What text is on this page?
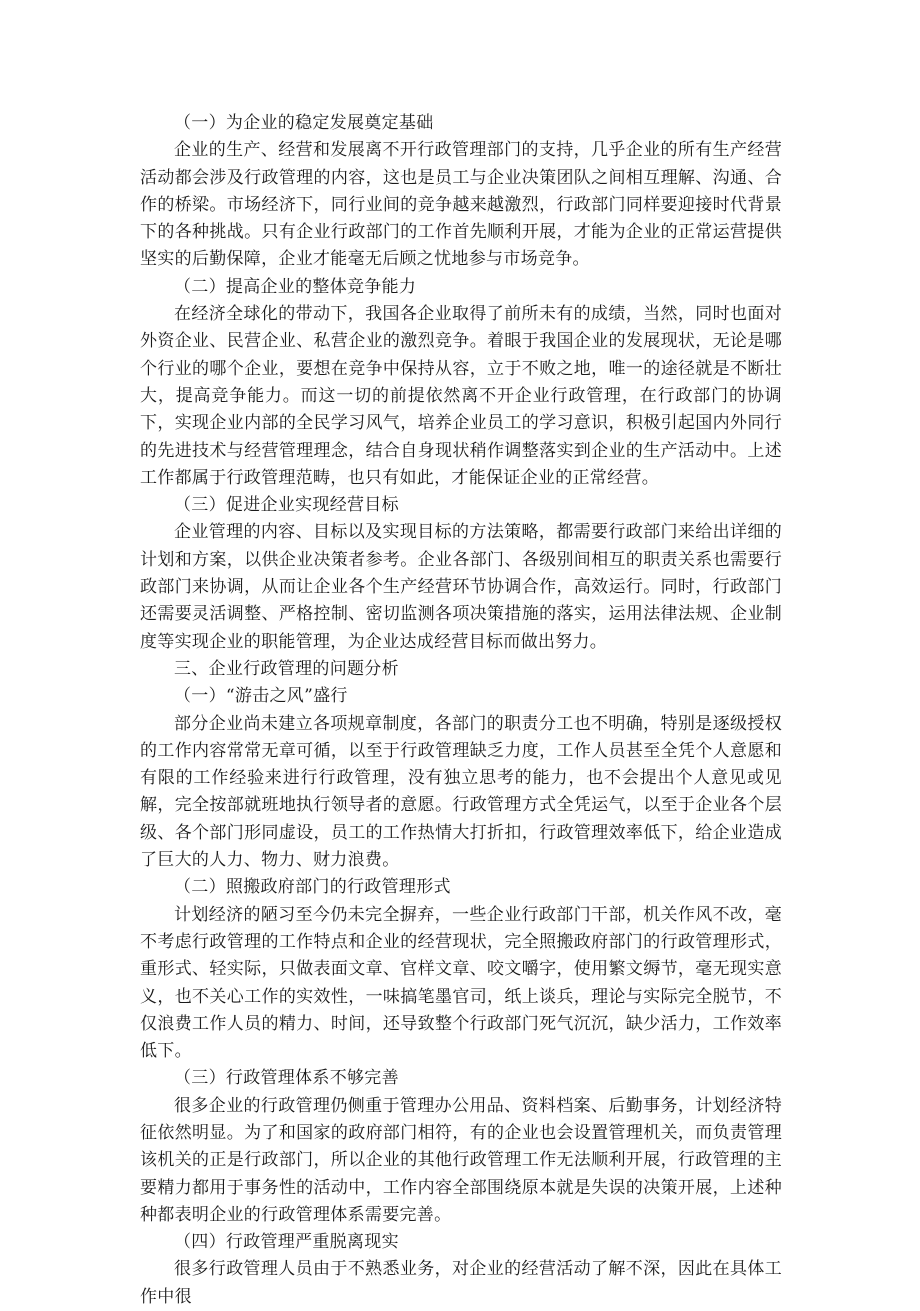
（一）为企业的稳定发展奠定基础

企业的生产、经营和发展离不开行政管理部门的支持，几乎企业的所有生产经营活动都会涉及行政管理的内容，这也是员工与企业决策团队之间相互理解、沟通、合作的桥梁。市场经济下，同行业间的竞争越来越激烈，行政部门同样要迎接时代背景下的各种挑战。只有企业行政部门的工作首先顺利开展，才能为企业的正常运营提供坚实的后勤保障，企业才能毫无后顾之忧地参与市场竞争。

（二）提高企业的整体竞争能力

在经济全球化的带动下，我国各企业取得了前所未有的成绩，当然，同时也面对外资企业、民营企业、私营企业的激烈竞争。着眼于我国企业的发展现状，无论是哪个行业的哪个企业，要想在竞争中保持从容，立于不败之地，唯一的途径就是不断壮大，提高竞争能力。而这一切的前提依然离不开企业行政管理，在行政部门的协调下，实现企业内部的全民学习风气，培养企业员工的学习意识，积极引起国内外同行的先进技术与经营管理理念，结合自身现状稍作调整落实到企业的生产活动中。上述工作都属于行政管理范畴，也只有如此，才能保证企业的正常经营。

（三）促进企业实现经营目标

企业管理的内容、目标以及实现目标的方法策略，都需要行政部门来给出详细的计划和方案，以供企业决策者参考。企业各部门、各级别间相互的职责关系也需要行政部门来协调，从而让企业各个生产经营环节协调合作，高效运行。同时，行政部门还需要灵活调整、严格控制、密切监测各项决策措施的落实，运用法律法规、企业制度等实现企业的职能管理，为企业达成经营目标而做出努力。

三、企业行政管理的问题分析

（一）“游击之风”盛行

部分企业尚未建立各项规章制度，各部门的职责分工也不明确，特别是逐级授权的工作内容常常无章可循，以至于行政管理缺乏力度，工作人员甚至全凭个人意愿和有限的工作经验来进行行政管理，没有独立思考的能力，也不会提出个人意见或见解，完全按部就班地执行领导者的意愿。行政管理方式全凭运气，以至于企业各个层级、各个部门形同虚设，员工的工作热情大打折扣，行政管理效率低下，给企业造成了巨大的人力、物力、财力浪费。

（二）照搬政府部门的行政管理形式

计划经济的陋习至今仍未完全摒弃，一些企业行政部门干部，机关作风不改，毫不考虑行政管理的工作特点和企业的经营现状，完全照搬政府部门的行政管理形式，重形式、轻实际，只做表面文章、官样文章、咬文嚼字，使用繁文缛节，毫无现实意义，也不关心工作的实效性，一味搞笔墨官司，纸上谈兵，理论与实际完全脱节，不仅浪费工作人员的精力、时间，还导致整个行政部门死气沉沉，缺少活力，工作效率低下。

（三）行政管理体系不够完善

很多企业的行政管理仍侧重于管理办公用品、资料档案、后勤事务，计划经济特征依然明显。为了和国家的政府部门相符，有的企业也会设置管理机关，而负责管理该机关的正是行政部门，所以企业的其他行政管理工作无法顺利开展，行政管理的主要精力都用于事务性的活动中，工作内容全部围绕原本就是失误的决策开展，上述种种都表明企业的行政管理体系需要完善。

（四）行政管理严重脱离现实

很多行政管理人员由于不熟悉业务，对企业的经营活动了解不深，因此在具体工作中很
